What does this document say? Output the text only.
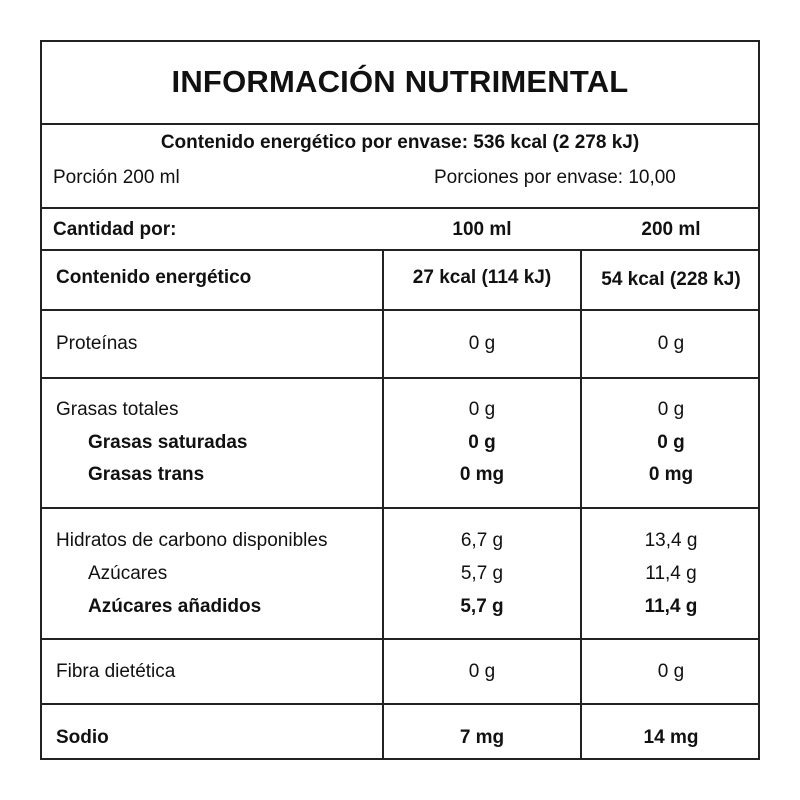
INFORMACIÓN NUTRIMENTAL
Contenido energético por envase: 536 kcal (2 278 kJ)
Porción 200 ml	Porciones por envase: 10,00
Cantidad por:	100 ml	200 ml
Contenido energético	27 kcal (114 kJ)	54 kcal (228 kJ)
Proteínas	0 g	0 g
Grasas totales	0 g	0 g
Grasas saturadas	0 g	0 g
Grasas trans	0 mg	0 mg
Hidratos de carbono disponibles	6,7 g	13,4 g
Azúcares	5,7 g	11,4 g
Azúcares añadidos	5,7 g	11,4 g
Fibra dietética	0 g	0 g
Sodio	7 mg	14 mg
